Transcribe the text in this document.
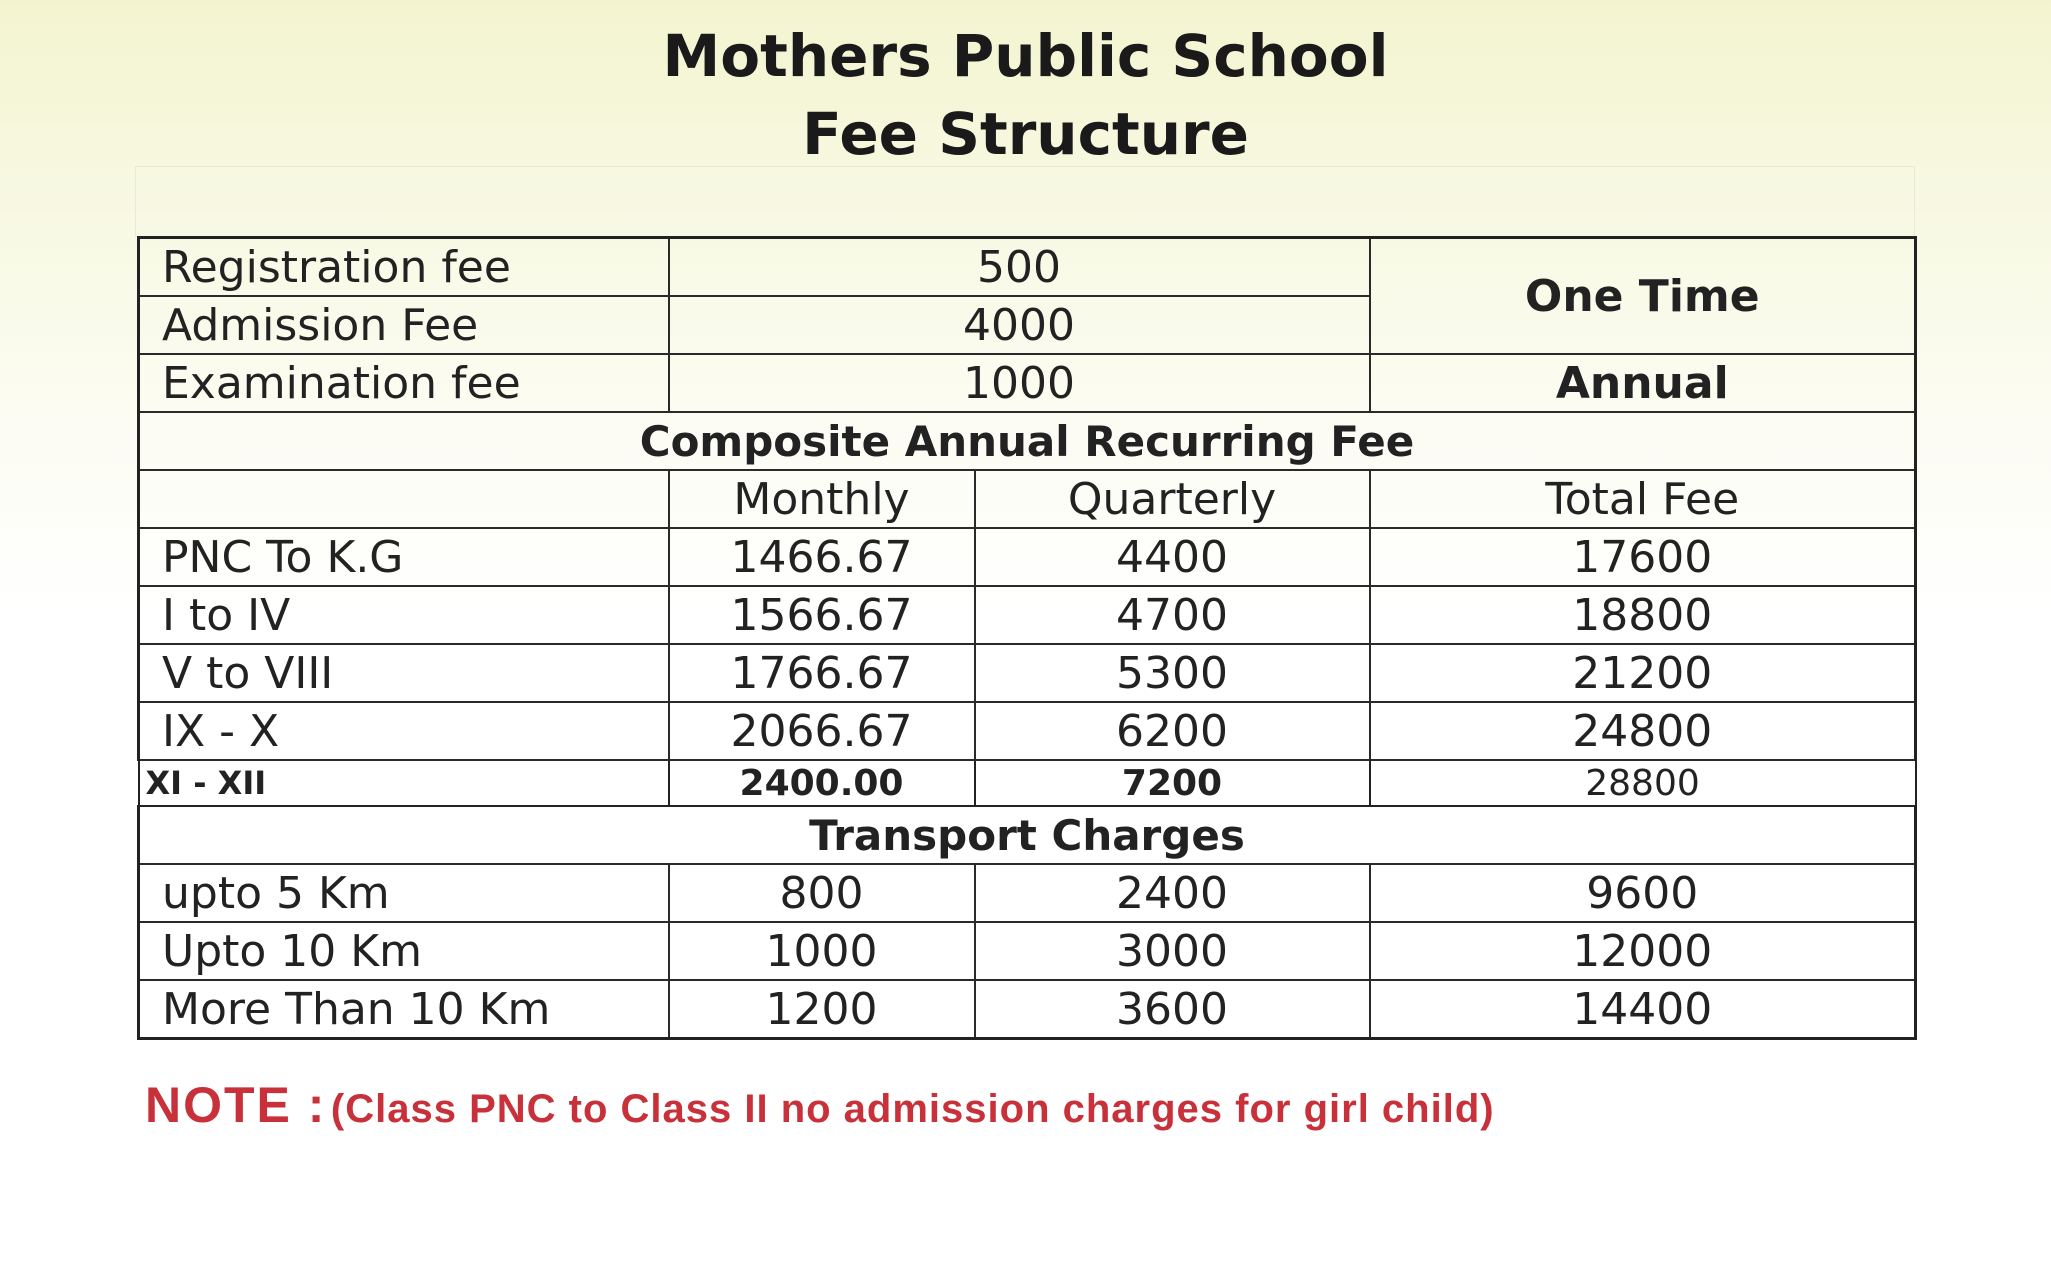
Mothers Public School
Fee Structure
Registration fee	500		One Time
Admission Fee	4000		
Examination fee	1000		Annual
Composite Annual Recurring Fee			
	Monthly	Quarterly	Total Fee
PNC To K.G	1466.67	4400	17600
I to IV	1566.67	4700	18800
V to VIII	1766.67	5300	21200
IX - X	2066.67	6200	24800
XI - XII	2400.00	7200	28800
Transport Charges			
upto 5 Km	800	2400	9600
Upto 10 Km	1000	3000	12000
More Than 10 Km	1200	3600	14400
NOTE : (Class PNC to Class II no admission charges for girl child)
